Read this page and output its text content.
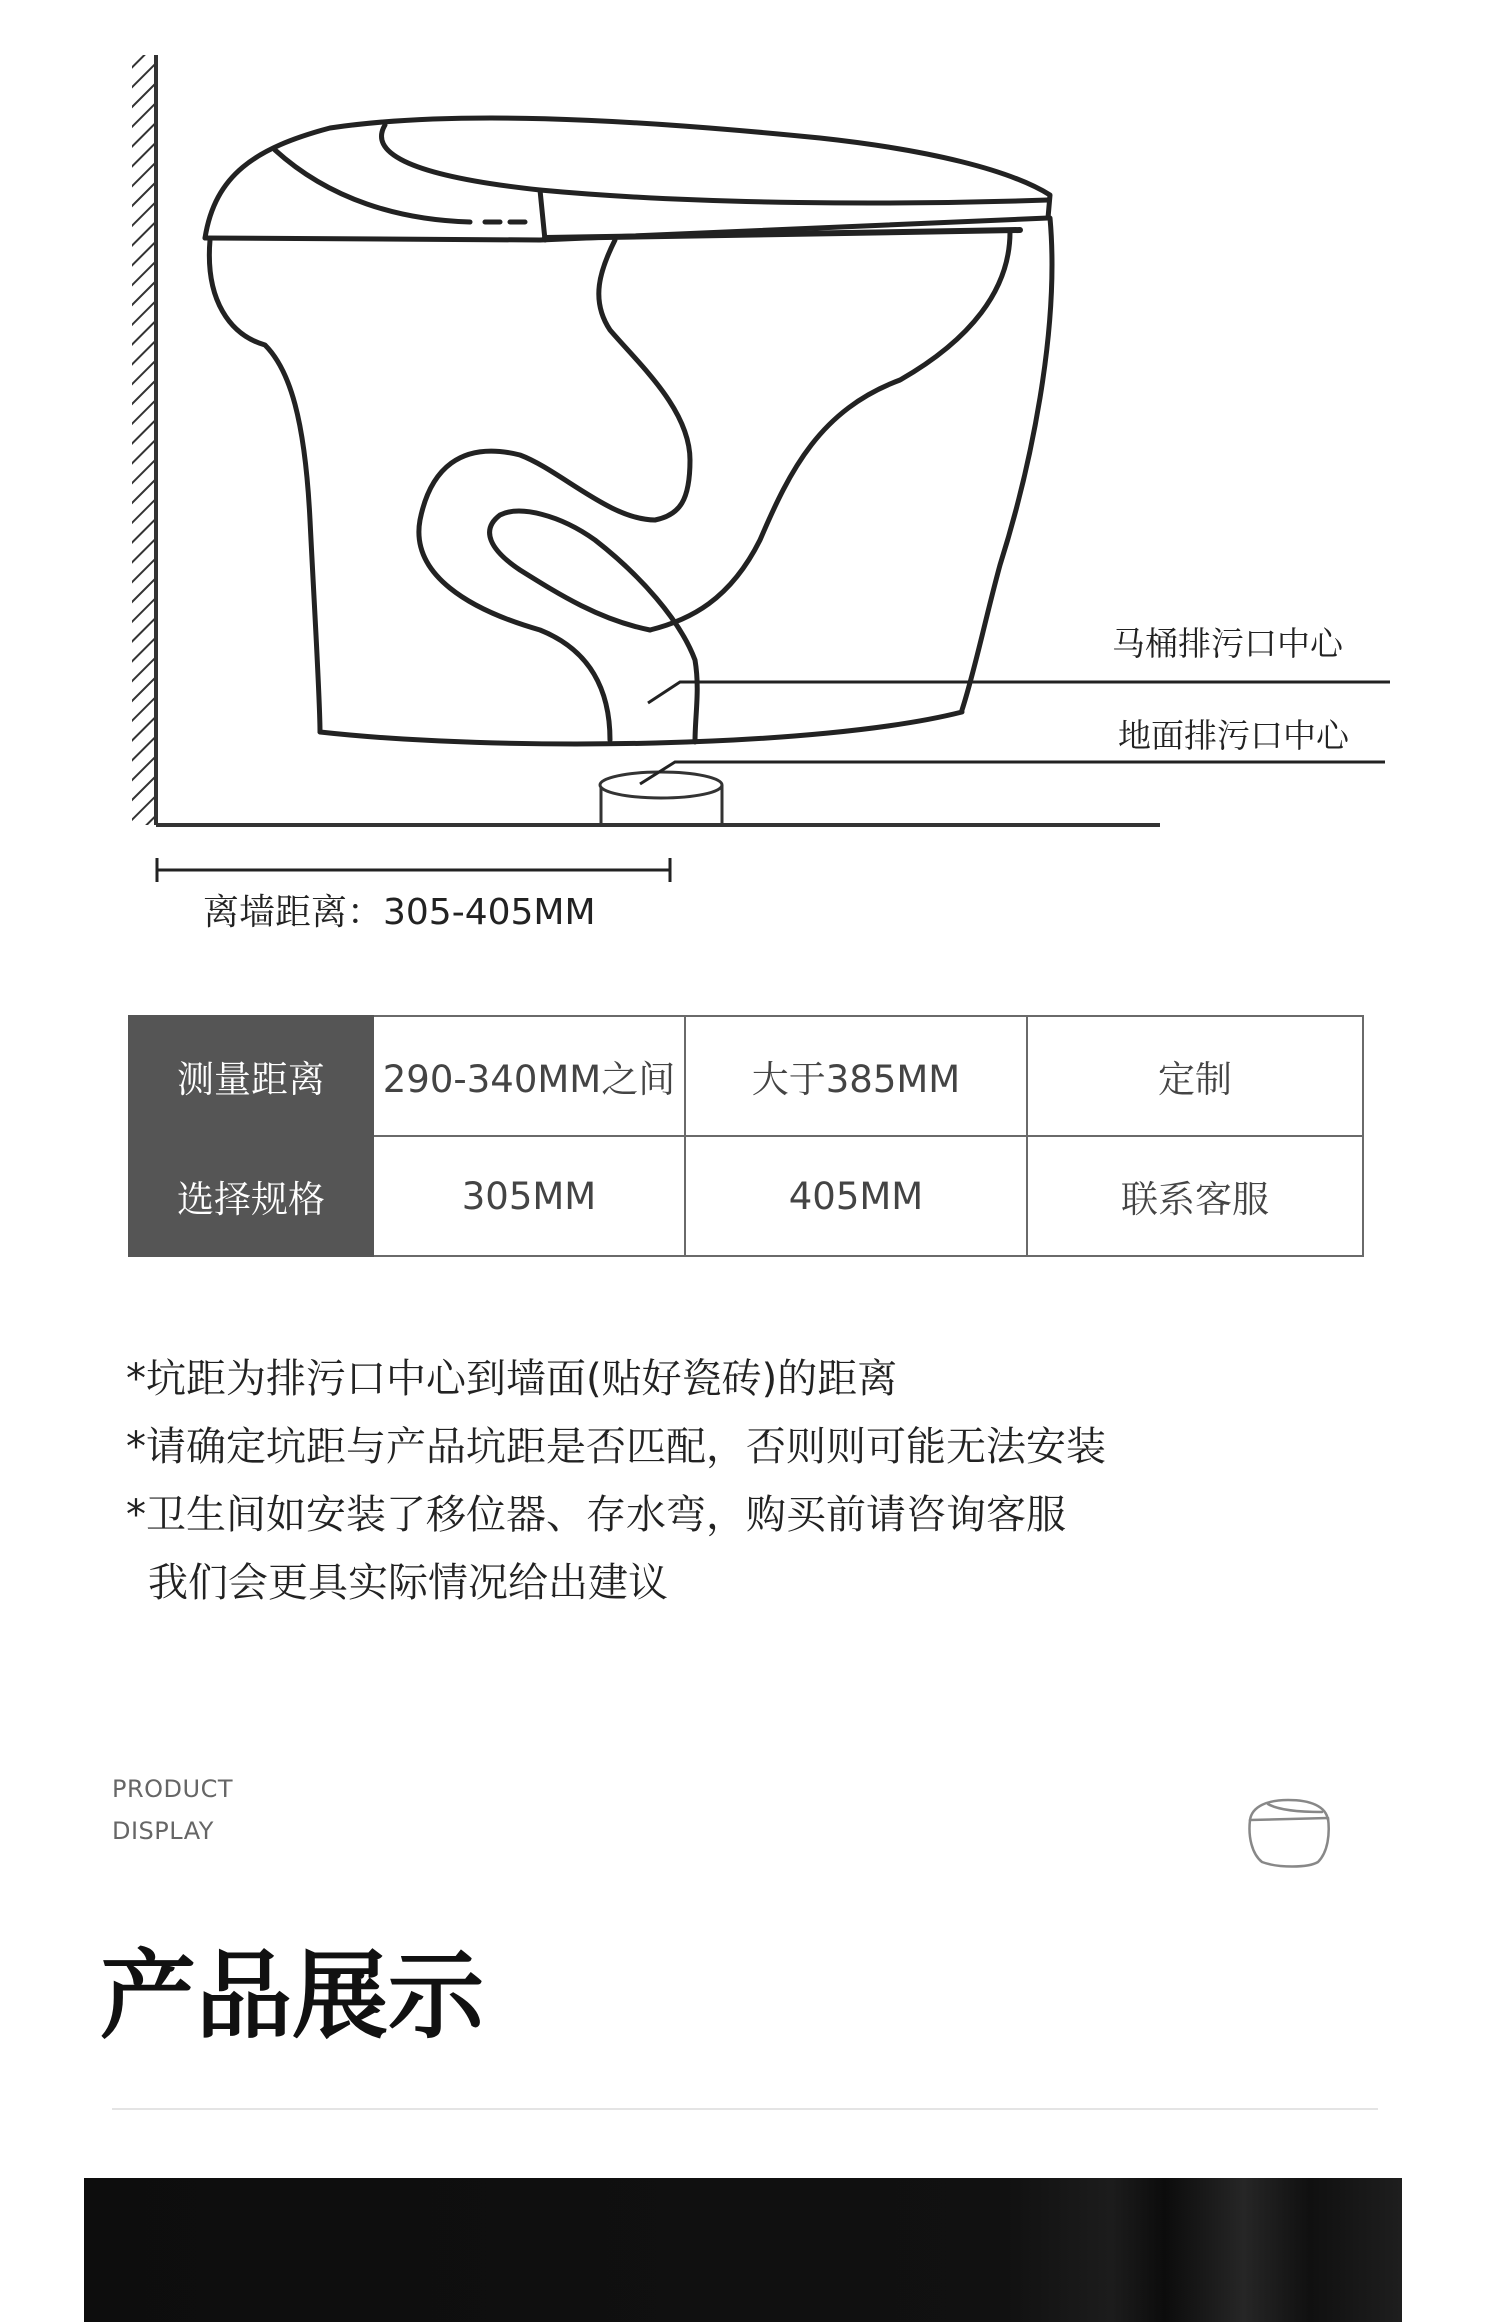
马桶排污口中心
地面排污口中心
离墙距离：305-405MM
测量距离	290-340MM之间	大于385MM	定制
选择规格	305MM	405MM	联系客服

*坑距为排污口中心到墙面(贴好瓷砖)的距离

*请确定坑距与产品坑距是否匹配，否则则可能无法安装

*卫生间如安装了移位器、存水弯，购买前请咨询客服

我们会更具实际情况给出建议

PRODUCT
DISPLAY
产品展示
